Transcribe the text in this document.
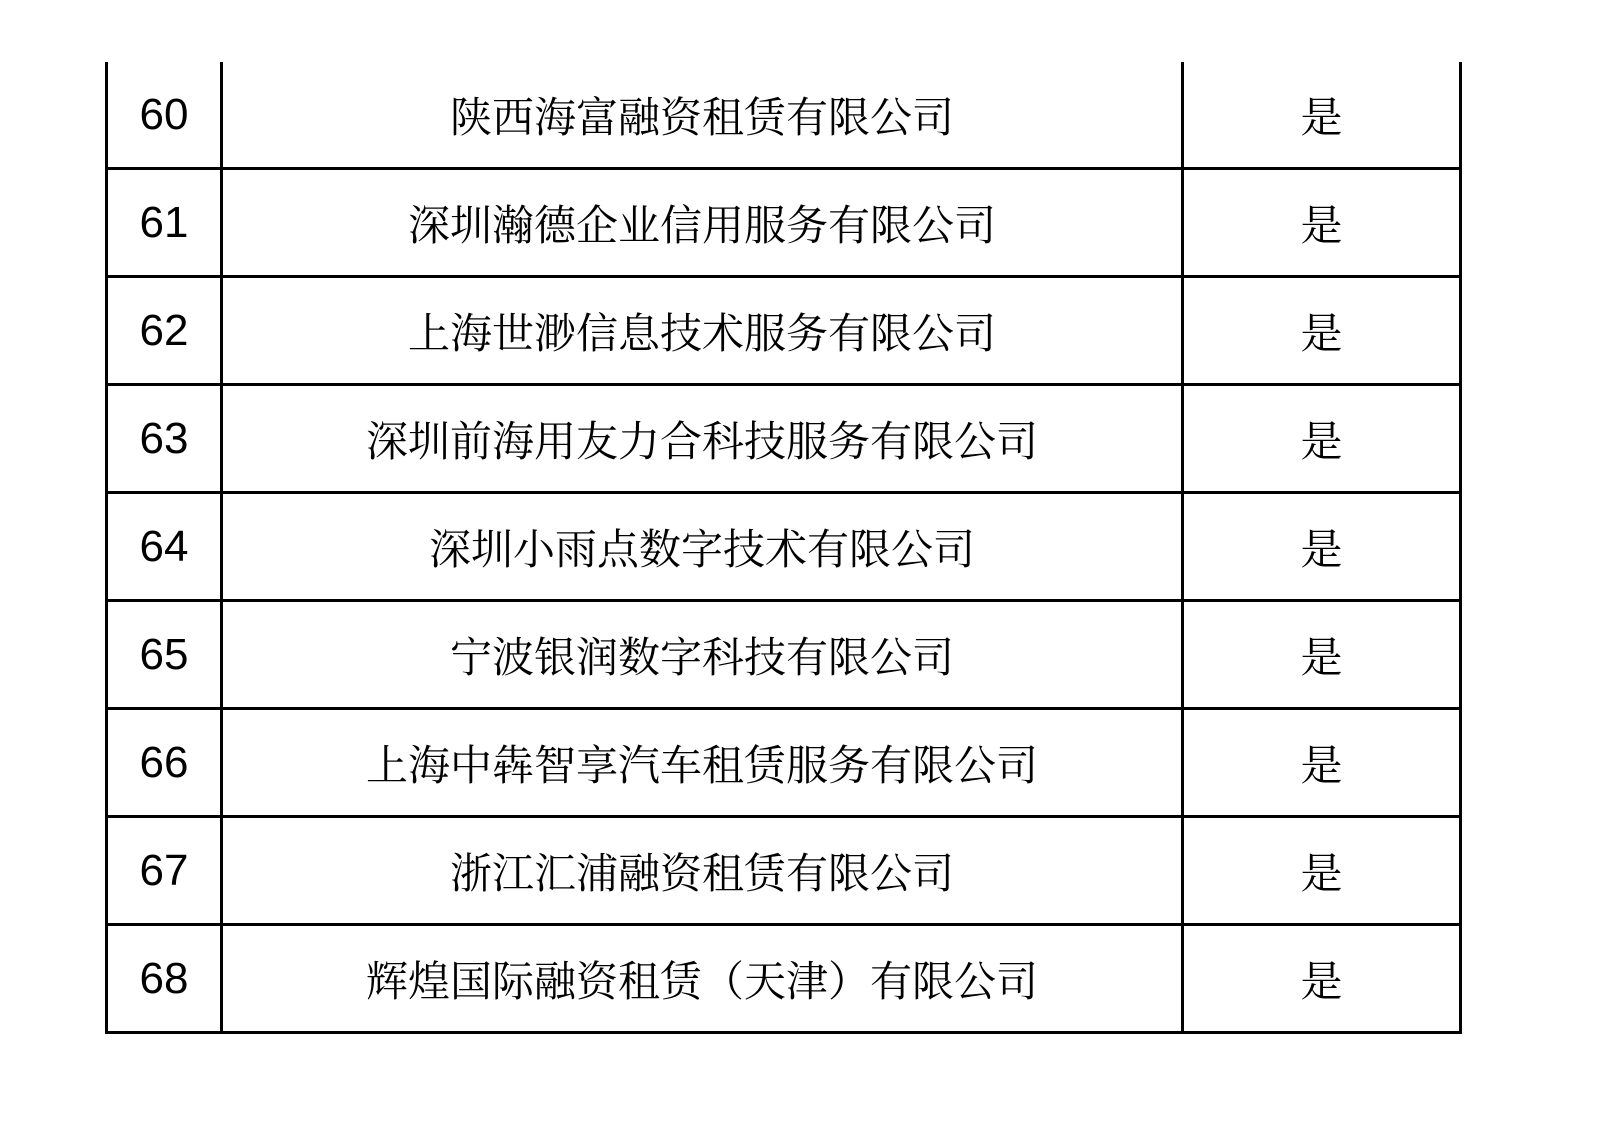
60	陕西海富融资租赁有限公司	是
61	深圳瀚德企业信用服务有限公司	是
62	上海世渺信息技术服务有限公司	是
63	深圳前海用友力合科技服务有限公司	是
64	深圳小雨点数字技术有限公司	是
65	宁波银润数字科技有限公司	是
66	上海中犇智享汽车租赁服务有限公司	是
67	浙江汇浦融资租赁有限公司	是
68	辉煌国际融资租赁（天津）有限公司	是
